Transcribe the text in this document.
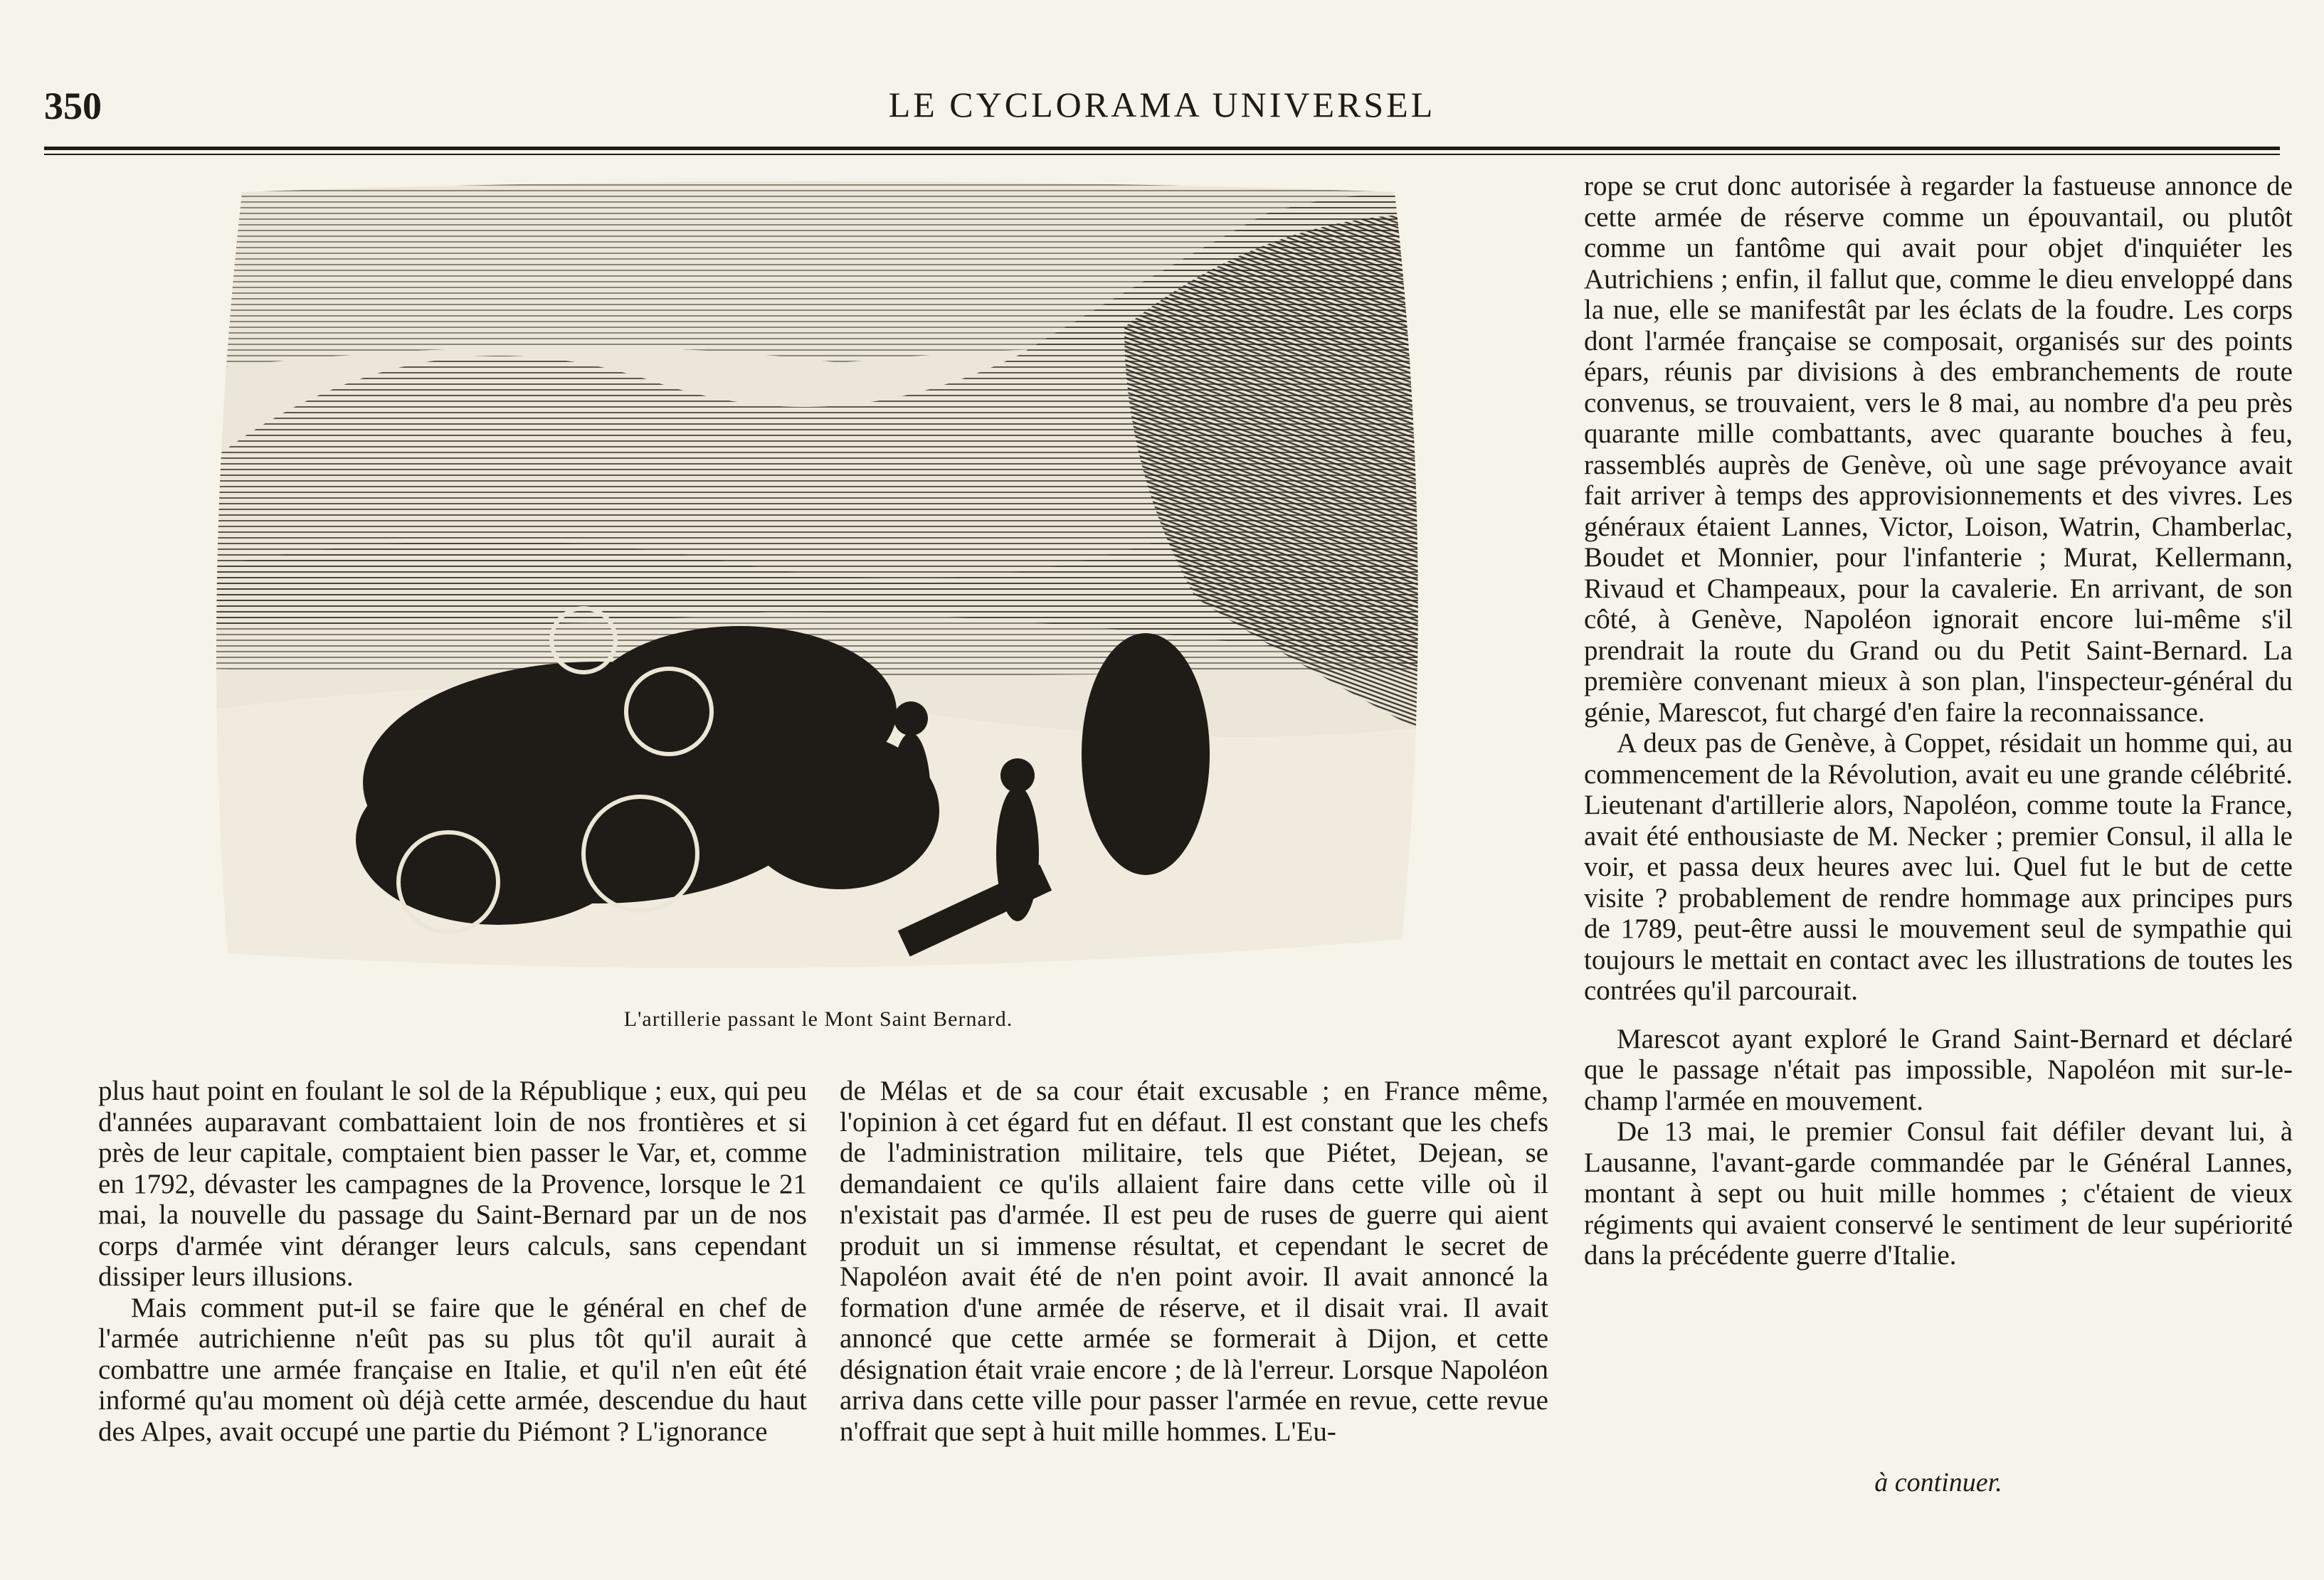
350	LE CYCLORAMA UNIVERSEL
L'artillerie passant le Mont Saint Bernard.

plus haut point en foulant le sol de la République ; eux, qui peu d'années auparavant combattaient loin de nos frontières et si près de leur capitale, comptaient bien passer le Var, et, comme en 1792, dévaster les campagnes de la Provence, lorsque le 21 mai, la nouvelle du passage du Saint-Bernard par un de nos corps d'armée vint déranger leurs calculs, sans cependant dissiper leurs illusions.

Mais comment put-il se faire que le général en chef de l'armée autrichienne n'eût pas su plus tôt qu'il aurait à combattre une armée française en Italie, et qu'il n'en eût été informé qu'au moment où déjà cette armée, descendue du haut des Alpes, avait occupé une partie du Piémont ? L'ignorance

de Mélas et de sa cour était excusable ; en France même, l'opinion à cet égard fut en défaut. Il est constant que les chefs de l'administration militaire, tels que Piétet, Dejean, se demandaient ce qu'ils allaient faire dans cette ville où il n'existait pas d'armée. Il est peu de ruses de guerre qui aient produit un si immense résultat, et cependant le secret de Napoléon avait été de n'en point avoir. Il avait annoncé la formation d'une armée de réserve, et il disait vrai. Il avait annoncé que cette armée se formerait à Dijon, et cette désignation était vraie encore ; de là l'erreur. Lorsque Napoléon arriva dans cette ville pour passer l'armée en revue, cette revue n'offrait que sept à huit mille hommes. L'Eu-

rope se crut donc autorisée à regarder la fastueuse annonce de cette armée de réserve comme un épouvantail, ou plutôt comme un fantôme qui avait pour objet d'inquiéter les Autrichiens ; enfin, il fallut que, comme le dieu enveloppé dans la nue, elle se manifestât par les éclats de la foudre. Les corps dont l'armée française se composait, organisés sur des points épars, réunis par divisions à des embranchements de route convenus, se trouvaient, vers le 8 mai, au nombre d'a peu près quarante mille combattants, avec quarante bouches à feu, rassemblés auprès de Genève, où une sage prévoyance avait fait arriver à temps des approvisionnements et des vivres. Les généraux étaient Lannes, Victor, Loison, Watrin, Chamberlac, Boudet et Monnier, pour l'infanterie ; Murat, Kellermann, Rivaud et Champeaux, pour la cavalerie. En arrivant, de son côté, à Genève, Napoléon ignorait encore lui-même s'il prendrait la route du Grand ou du Petit Saint-Bernard. La première convenant mieux à son plan, l'inspecteur-général du génie, Marescot, fut chargé d'en faire la reconnaissance.

A deux pas de Genève, à Coppet, résidait un homme qui, au commencement de la Révolution, avait eu une grande célébrité. Lieutenant d'artillerie alors, Napoléon, comme toute la France, avait été enthousiaste de M. Necker ; premier Consul, il alla le voir, et passa deux heures avec lui. Quel fut le but de cette visite ? probablement de rendre hommage aux principes purs de 1789, peut-être aussi le mouvement seul de sympathie qui toujours le mettait en contact avec les illustrations de toutes les contrées qu'il parcourait.

Marescot ayant exploré le Grand Saint-Bernard et déclaré que le passage n'était pas impossible, Napoléon mit sur-le-champ l'armée en mouvement.

De 13 mai, le premier Consul fait défiler devant lui, à Lausanne, l'avant-garde commandée par le Général Lannes, montant à sept ou huit mille hommes ; c'étaient de vieux régiments qui avaient conservé le sentiment de leur supériorité dans la précédente guerre d'Italie.

à continuer.
